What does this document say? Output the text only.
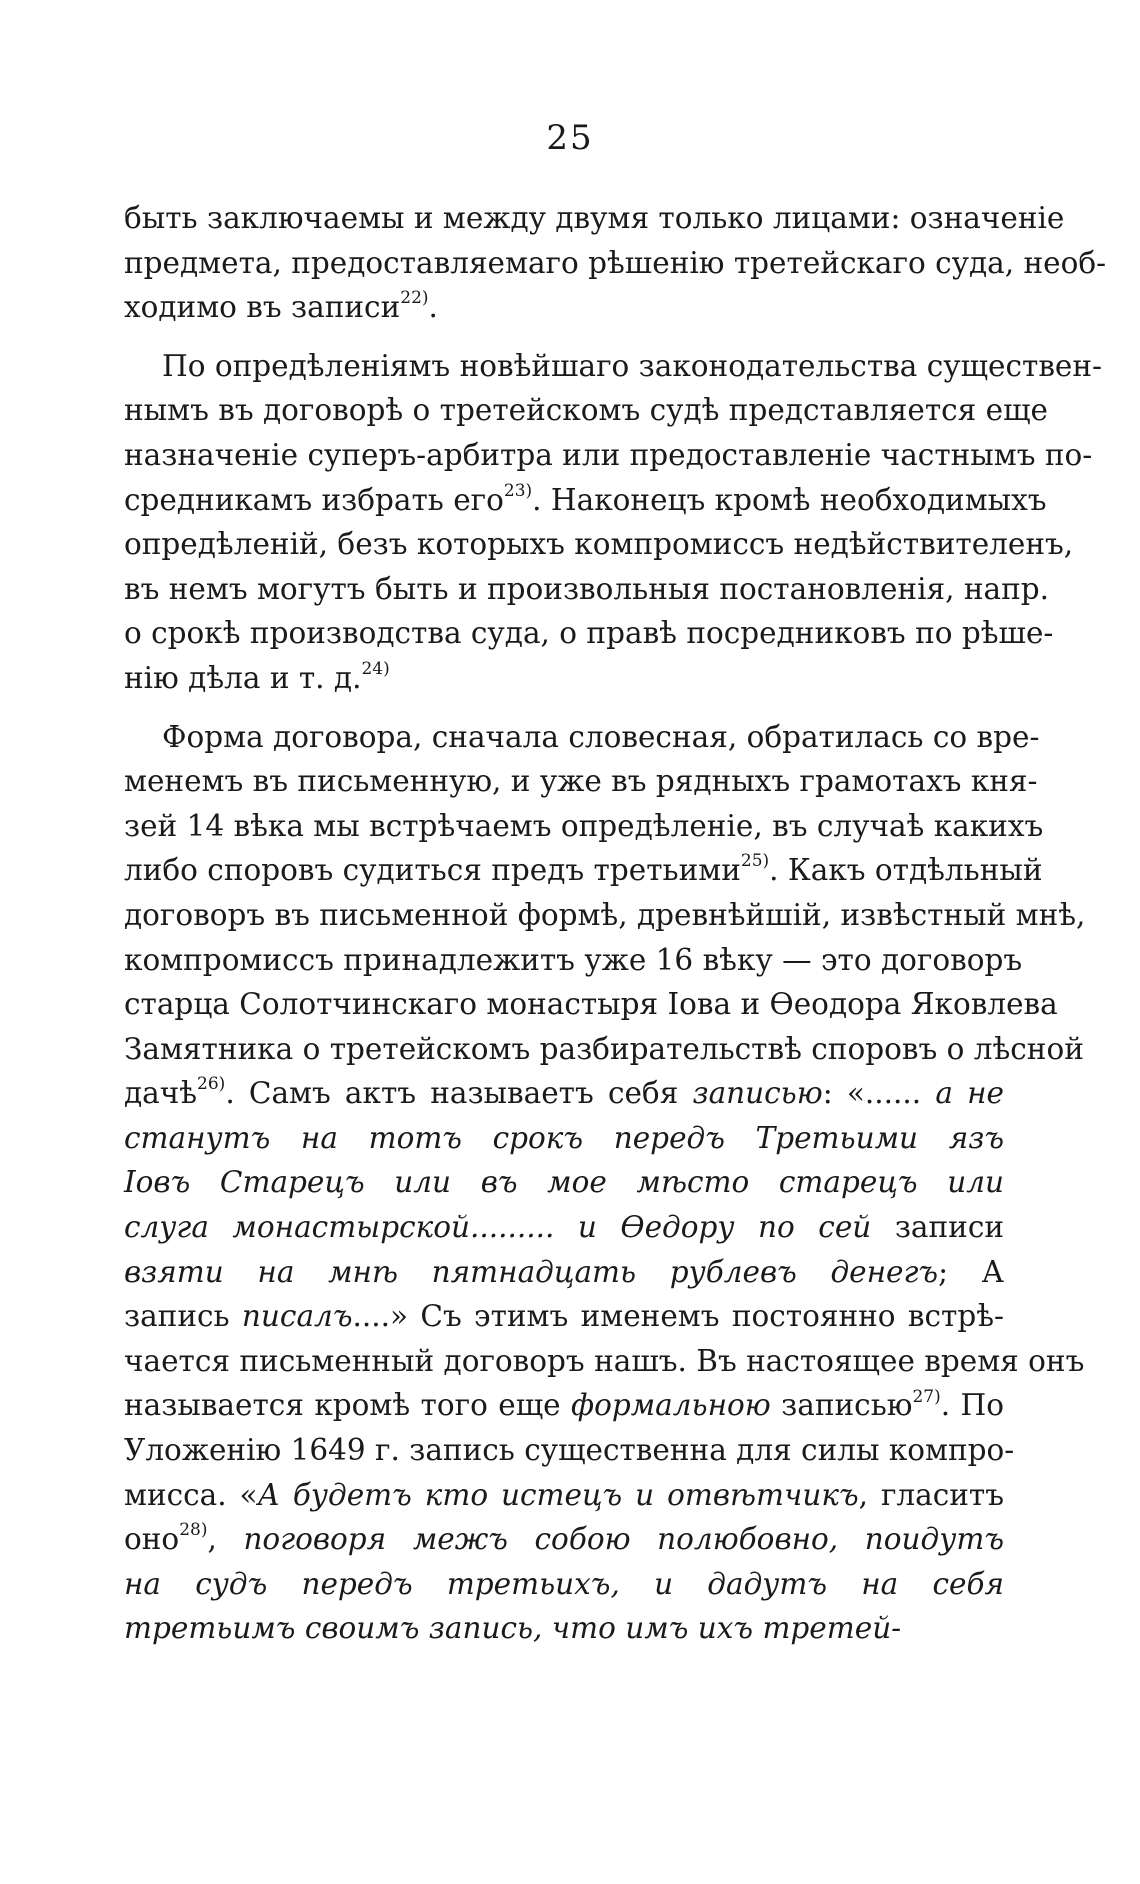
25
быть заключаемы и между двумя только лицами: означеніе
предмета, предоставляемаго рѣшенію третейскаго суда, необ-
ходимо въ записи$^{22)}$.
По опредѣленіямъ новѣйшаго законодательства существен-
нымъ въ договорѣ о третейскомъ судѣ представляется еще
назначеніе суперъ-арбитра или предоставленіе частнымъ по-
средникамъ избрать его$^{23)}$. Наконецъ кромѣ необходимыхъ
опредѣленій, безъ которыхъ компромиссъ недѣйствителенъ,
въ немъ могутъ быть и произвольныя постановленія, напр.
о срокѣ производства суда, о правѣ посредниковъ по рѣше-
нію дѣла и т. д.$^{24)}$
Форма договора, сначала словесная, обратилась со вре-
менемъ въ письменную, и уже въ рядныхъ грамотахъ кня-
зей 14 вѣка мы встрѣчаемъ опредѣленіе, въ случаѣ какихъ
либо споровъ судиться предъ третьими$^{25)}$. Какъ отдѣльный
договоръ въ письменной формѣ, древнѣйшій, извѣстный мнѣ,
компромиссъ принадлежитъ уже 16 вѣку — это договоръ
старца Солотчинскаго монастыря Іова и Ѳеодора Яковлева
Замятника о третейскомъ разбирательствѣ споровъ о лѣсной
дачѣ$^{26)}$. Самъ актъ называетъ себя записью: «...... а не
станутъ на тотъ срокъ передъ Третьими язъ
Іовъ Старецъ или въ мое мѣсто старецъ или
слуга монастырской......... и Ѳедору по сей записи
взяти на мнѣ пятнадцать рублевъ денегъ; А
запись писалъ....» Съ этимъ именемъ постоянно встрѣ-
чается письменный договоръ нашъ. Въ настоящее время онъ
называется кромѣ того еще формальною записью$^{27)}$. По
Уложенію 1649 г. запись существенна для силы компро-
мисса. «А будетъ кто истецъ и отвѣтчикъ, гласитъ
оно$^{28)}$, поговоря межъ собою полюбовно, поидутъ
на судъ передъ третьихъ, и дадутъ на себя
третьимъ своимъ запись, что имъ ихъ третей-
